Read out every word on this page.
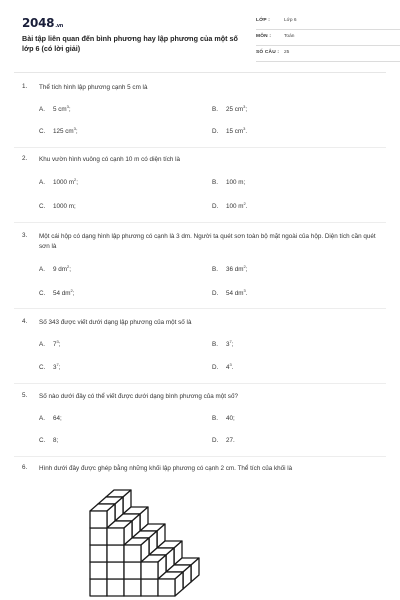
2048.vn
Bài tập liên quan đến bình phương hay lập phương của một số lớp 6 (có lời giải)
LỚP :	Lớp 6
MÔN :	Toán
SỐ CÂU : 25
1. Thể tích hình lập phương cạnh 5 cm là
A. 5 $cm^3$;	B. 25 $cm^3$;
C. 125 $cm^3$;	D. 15 $cm^3$.
2. Khu vườn hình vuông có cạnh 10 m có diện tích là
A. 1000 $m^2$;	B. 100 m;
C. 1000 m;	D. 100 $m^2$.
3. Một cái hộp có dạng hình lập phương có cạnh là 3 dm. Người ta quét sơn toàn bộ mặt ngoài của hộp. Diện tích cần quét sơn là
A. 9 $dm^2$;	B. 36 $dm^2$;
C. 54 $dm^2$;	D. 54 $dm^3$.
4. Số 343 được viết dưới dạng lập phương của một số là
A. $7^3$;	B. $3^7$;
C. $3^7$;	D. $4^3$.
5. Số nào dưới đây có thể viết được dưới dạng bình phương của một số?
A. 64;	B. 40;
C. 8;	D. 27.
6. Hình dưới đây được ghép bằng những khối lập phương có cạnh 2 cm. Thể tích của khối là
